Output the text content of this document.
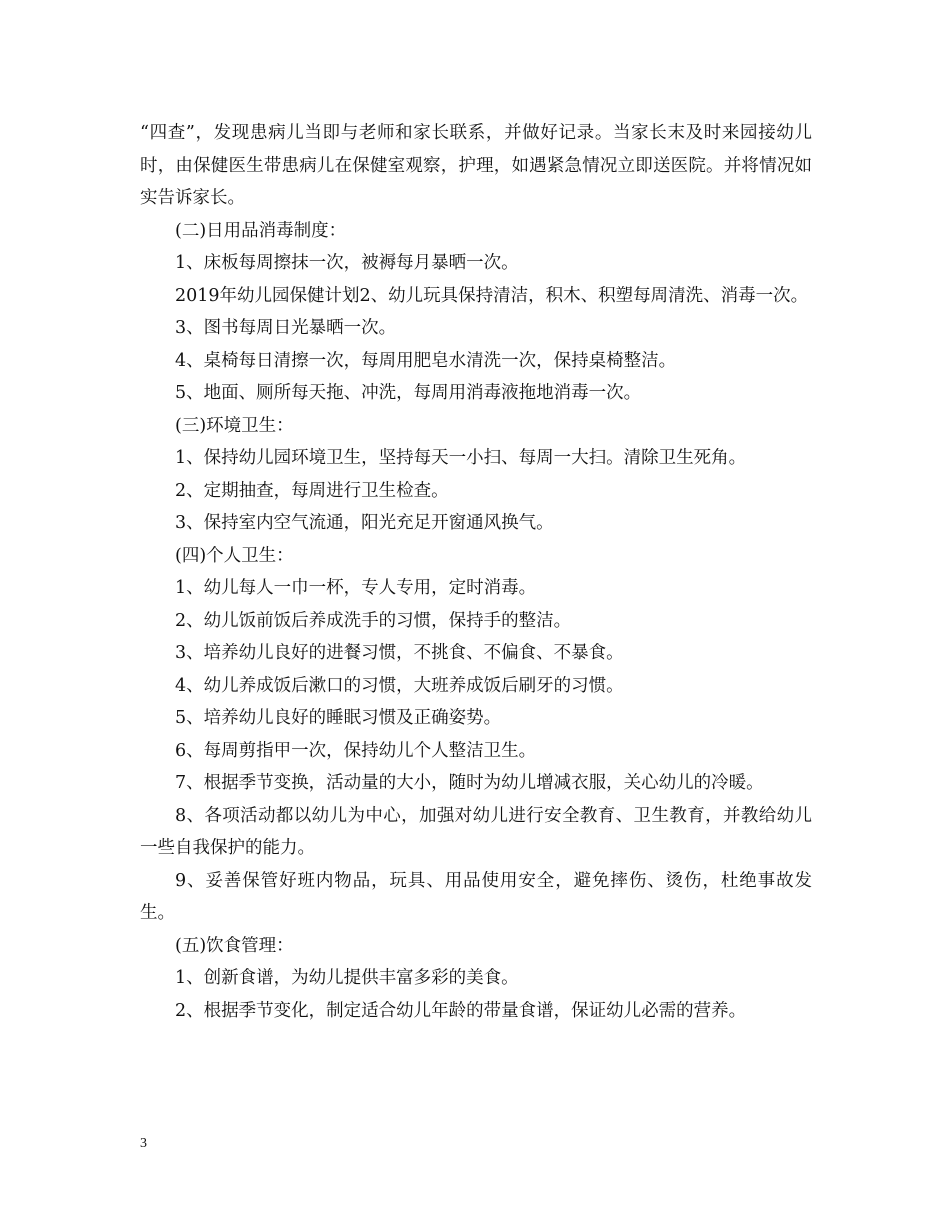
“四查”，发现患病儿当即与老师和家长联系，并做好记录。当家长末及时来园接幼儿时，由保健医生带患病儿在保健室观察，护理，如遇紧急情况立即送医院。并将情况如实告诉家长。

(二)日用品消毒制度：

1、床板每周擦抹一次，被褥每月暴晒一次。

2019年幼儿园保健计划2、幼儿玩具保持清洁，积木、积塑每周清洗、消毒一次。

3、图书每周日光暴晒一次。

4、桌椅每日清擦一次，每周用肥皂水清洗一次，保持桌椅整洁。

5、地面、厕所每天拖、冲洗，每周用消毒液拖地消毒一次。

(三)环境卫生：

1、保持幼儿园环境卫生，坚持每天一小扫、每周一大扫。清除卫生死角。

2、定期抽查，每周进行卫生检查。

3、保持室内空气流通，阳光充足开窗通风换气。

(四)个人卫生：

1、幼儿每人一巾一杯，专人专用，定时消毒。

2、幼儿饭前饭后养成洗手的习惯，保持手的整洁。

3、培养幼儿良好的进餐习惯，不挑食、不偏食、不暴食。

4、幼儿养成饭后漱口的习惯，大班养成饭后刷牙的习惯。

5、培养幼儿良好的睡眠习惯及正确姿势。

6、每周剪指甲一次，保持幼儿个人整洁卫生。

7、根据季节变换，活动量的大小，随时为幼儿增减衣服，关心幼儿的冷暖。

8、各项活动都以幼儿为中心，加强对幼儿进行安全教育、卫生教育，并教给幼儿一些自我保护的能力。

9、妥善保管好班内物品，玩具、用品使用安全，避免摔伤、烫伤，杜绝事故发生。

(五)饮食管理：

1、创新食谱，为幼儿提供丰富多彩的美食。

2、根据季节变化，制定适合幼儿年龄的带量食谱，保证幼儿必需的营养。

3
